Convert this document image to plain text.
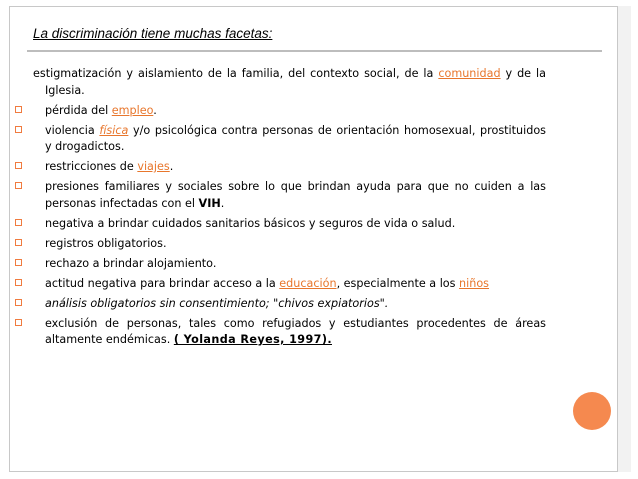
La discriminación tiene muchas facetas:

estigmatización y aislamiento de la familia, del contexto social, de la comunidad y de la Iglesia.

pérdida del empleo.

violencia física y/o psicológica contra personas de orientación homosexual, prostituidos y drogadictos.

restricciones de viajes.

presiones familiares y sociales sobre lo que brindan ayuda para que no cuiden a las personas infectadas con el VIH.

negativa a brindar cuidados sanitarios básicos y seguros de vida o salud.

registros obligatorios.

rechazo a brindar alojamiento.

actitud negativa para brindar acceso a la educación, especialmente a los niños

análisis obligatorios sin consentimiento; "chivos expiatorios".

exclusión de personas, tales como refugiados y estudiantes procedentes de áreas altamente endémicas. ( Yolanda Reyes, 1997).
